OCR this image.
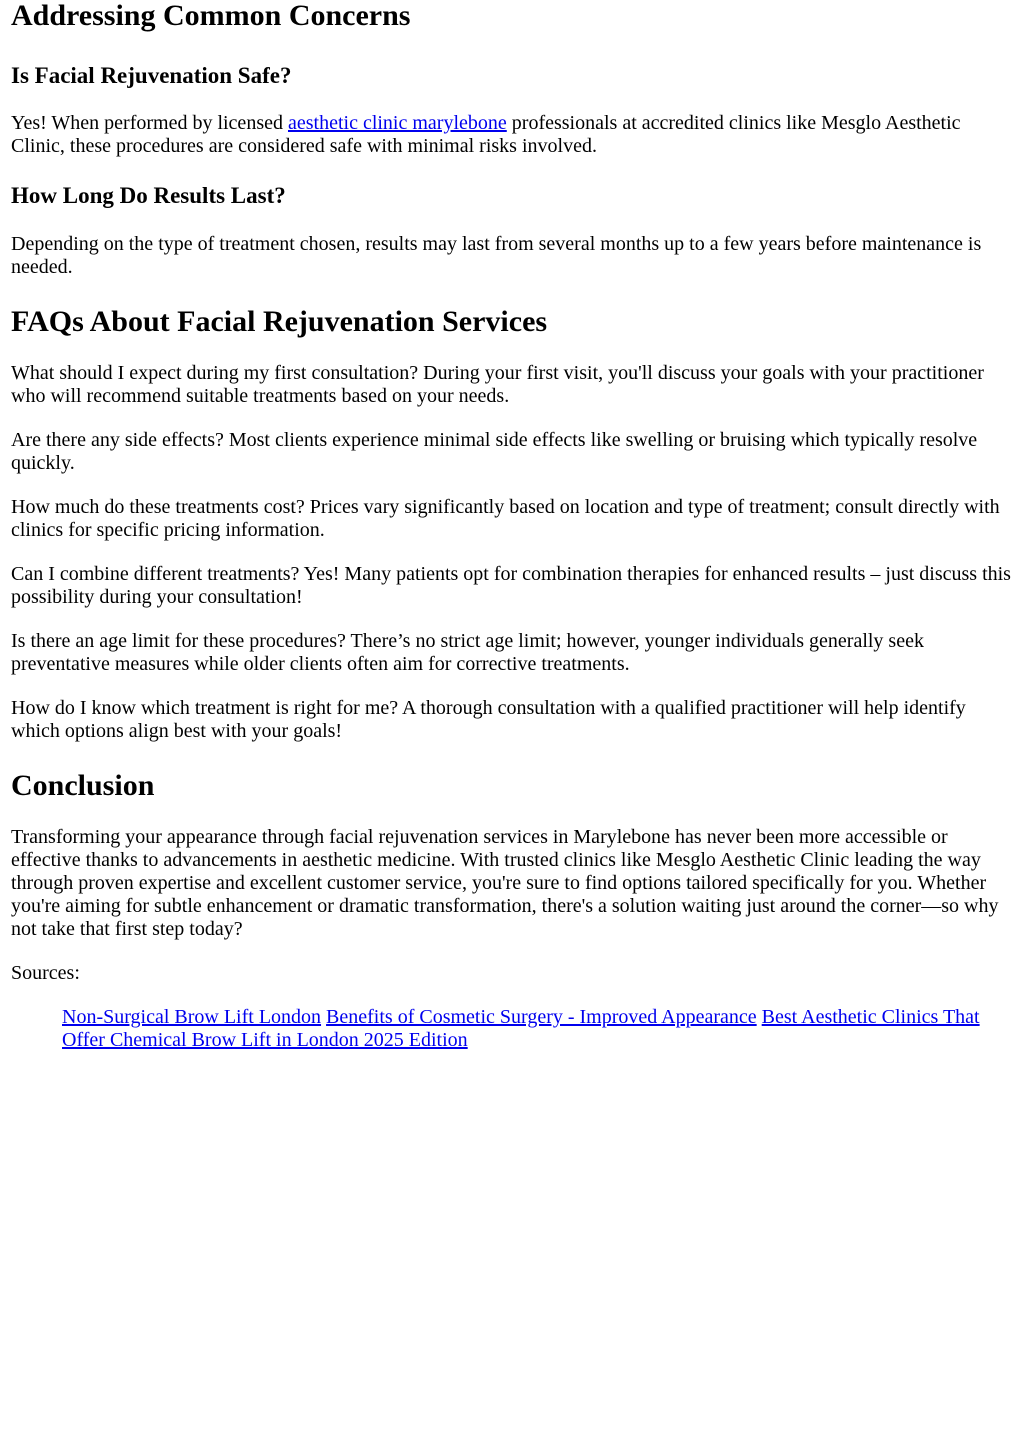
Addressing Common Concerns
Is Facial Rejuvenation Safe?

Yes! When performed by licensed aesthetic clinic marylebone professionals at accredited clinics like Mesglo Aesthetic Clinic, these procedures are considered safe with minimal risks involved.

How Long Do Results Last?

Depending on the type of treatment chosen, results may last from several months up to a few years before maintenance is needed.

FAQs About Facial Rejuvenation Services

What should I expect during my first consultation? During your first visit, you'll discuss your goals with your practitioner who will recommend suitable treatments based on your needs.

Are there any side effects? Most clients experience minimal side effects like swelling or bruising which typically resolve quickly.

How much do these treatments cost? Prices vary significantly based on location and type of treatment; consult directly with clinics for specific pricing information.

Can I combine different treatments? Yes! Many patients opt for combination therapies for enhanced results – just discuss this possibility during your consultation!

Is there an age limit for these procedures? There’s no strict age limit; however, younger individuals generally seek preventative measures while older clients often aim for corrective treatments.

How do I know which treatment is right for me? A thorough consultation with a qualified practitioner will help identify which options align best with your goals!

Conclusion

Transforming your appearance through facial rejuvenation services in Marylebone has never been more accessible or effective thanks to advancements in aesthetic medicine. With trusted clinics like Mesglo Aesthetic Clinic leading the way through proven expertise and excellent customer service, you're sure to find options tailored specifically for you. Whether you're aiming for subtle enhancement or dramatic transformation, there's a solution waiting just around the corner—so why not take that first step today?

Sources:

Non-Surgical Brow Lift London Benefits of Cosmetic Surgery - Improved Appearance Best Aesthetic Clinics That Offer Chemical Brow Lift in London 2025 Edition
